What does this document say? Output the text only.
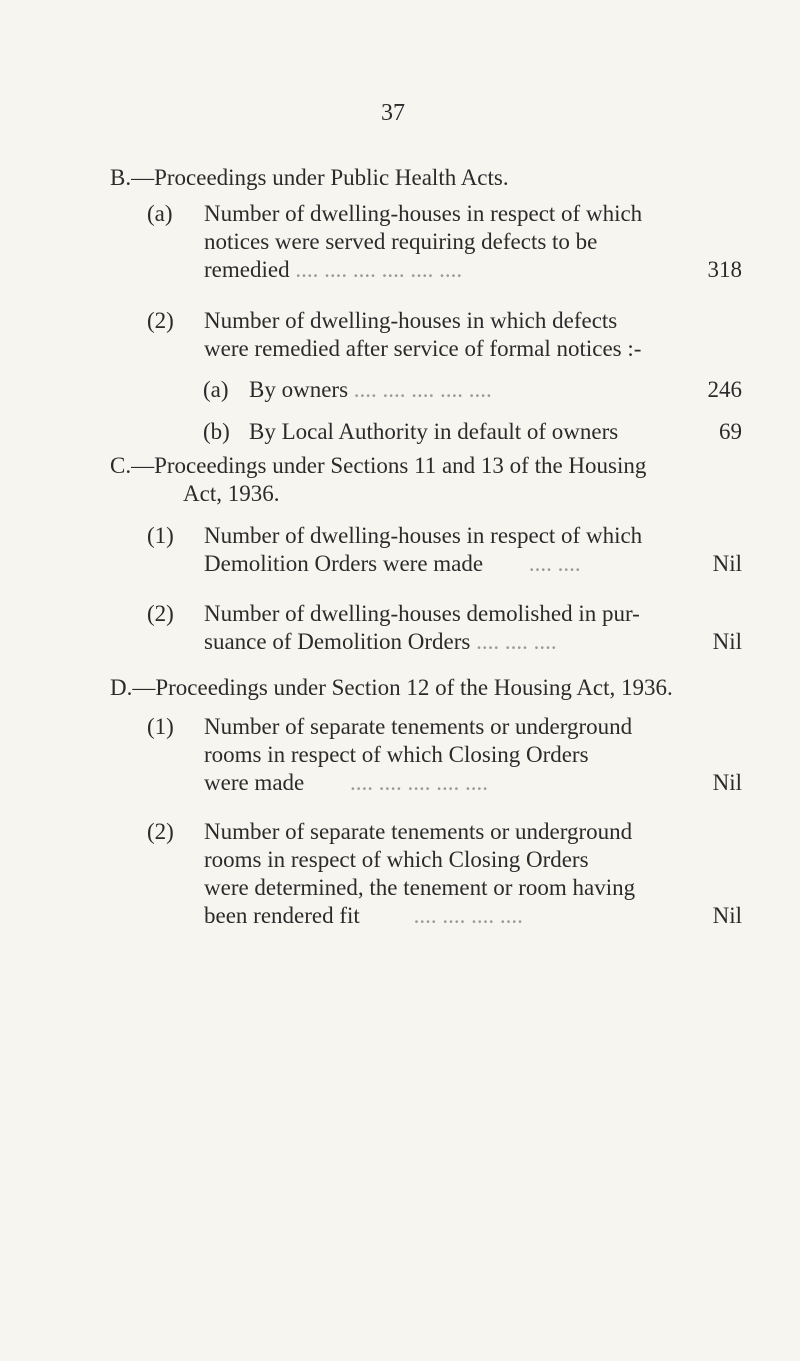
37
B.—Proceedings under Public Health Acts.
(a) Number of dwelling-houses in respect of which
notices were served requiring defects to be
remedied .... .... .... .... .... ....	318
(2) Number of dwelling-houses in which defects
were remedied after service of formal notices :-
(a) By owners .... .... .... .... ....	246
(b) By Local Authority in default of owners	69
C.—Proceedings under Sections 11 and 13 of the Housing
Act, 1936.
(1) Number of dwelling-houses in respect of which
Demolition Orders were made .... ....	Nil
(2) Number of dwelling-houses demolished in pur-
suance of Demolition Orders .... .... ....	Nil
D.—Proceedings under Section 12 of the Housing Act, 1936.
(1) Number of separate tenements or underground
rooms in respect of which Closing Orders
were made .... .... .... .... ....	Nil
(2) Number of separate tenements or underground
rooms in respect of which Closing Orders
were determined, the tenement or room having
been rendered fit .... .... .... ....	Nil
